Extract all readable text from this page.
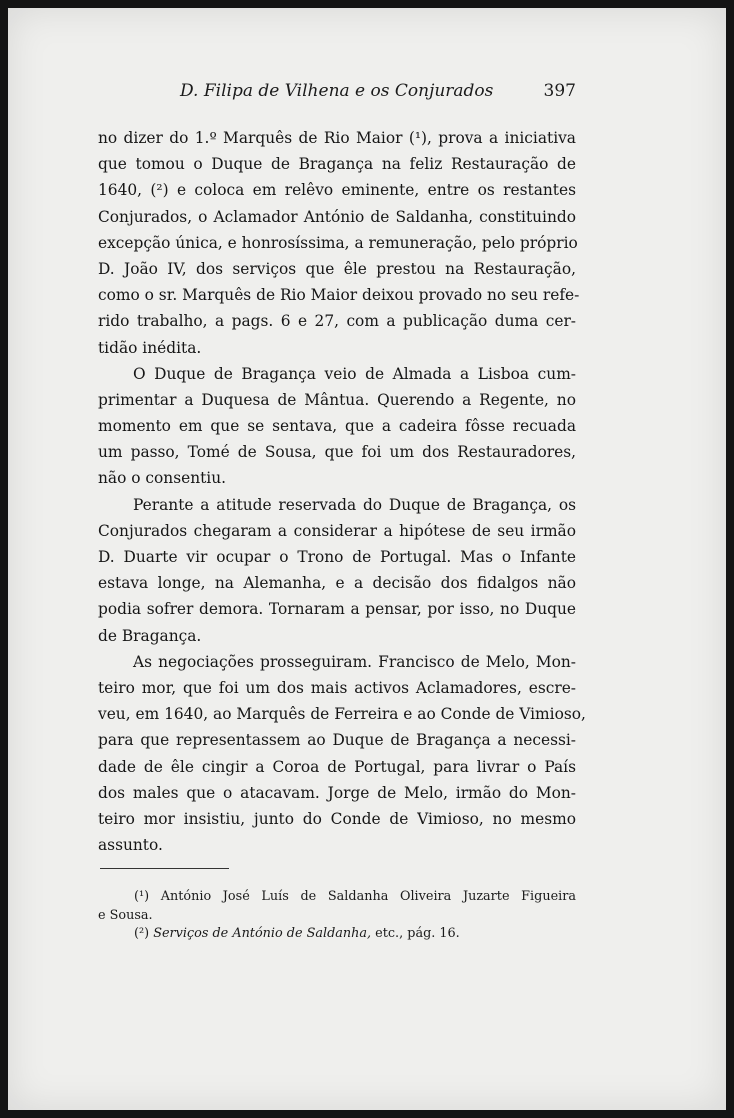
D. Filipa de Vilhena e os Conjurados	397

no dizer do 1.º Marquês de Rio Maior (¹), prova a iniciativa
que tomou o Duque de Bragança na feliz Restauração de
1640, (²) e coloca em relêvo eminente, entre os restantes
Conjurados, o Aclamador António de Saldanha, constituindo
excepção única, e honrosíssima, a remuneração, pelo próprio
D. João IV, dos serviços que êle prestou na Restauração,
como o sr. Marquês de Rio Maior deixou provado no seu refe-
rido trabalho, a pags. 6 e 27, com a publicação duma cer-
tidão inédita.

O Duque de Bragança veio de Almada a Lisboa cum-
primentar a Duquesa de Mântua. Querendo a Regente, no
momento em que se sentava, que a cadeira fôsse recuada
um passo, Tomé de Sousa, que foi um dos Restauradores,
não o consentiu.

Perante a atitude reservada do Duque de Bragança, os
Conjurados chegaram a considerar a hipótese de seu irmão
D. Duarte vir ocupar o Trono de Portugal. Mas o Infante
estava longe, na Alemanha, e a decisão dos fidalgos não
podia sofrer demora. Tornaram a pensar, por isso, no Duque
de Bragança.

As negociações prosseguiram. Francisco de Melo, Mon-
teiro mor, que foi um dos mais activos Aclamadores, escre-
veu, em 1640, ao Marquês de Ferreira e ao Conde de Vimioso,
para que representassem ao Duque de Bragança a necessi-
dade de êle cingir a Coroa de Portugal, para livrar o País
dos males que o atacavam. Jorge de Melo, irmão do Mon-
teiro mor insistiu, junto do Conde de Vimioso, no mesmo
assunto.

(¹) António José Luís de Saldanha Oliveira Juzarte Figueira
e Sousa.

(²) Serviços de António de Saldanha, etc., pág. 16.
